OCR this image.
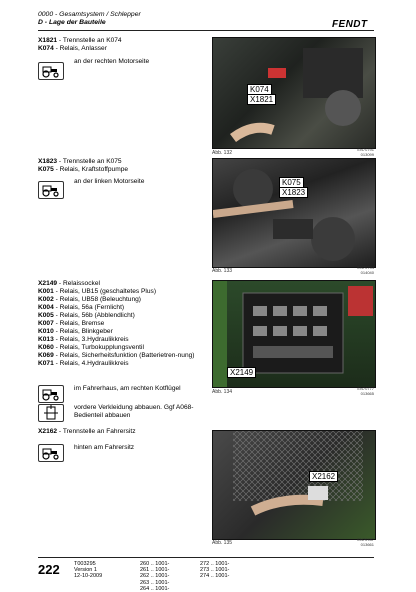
0000 - Gesamtsystem / Schlepper
D - Lage der Bauteile	FENDT
X1821 - Trennstelle an K074
K074 - Relais, Anlasser
an der rechten Motorseite
K074
X1821
Abb. 132
EN70791
013099
X1823 - Trennstelle an K075
K075 - Relais, Kraftstoffpumpe
an der linken Motorseite	K075
X1823
Abb. 133
EN70794
014040
X2149 - Relaissockel
K001 - Relais, UB15 (geschaltetes Plus)
K002 - Relais, UB58 (Beleuchtung)
K004 - Relais, 56a (Fernlicht)
K005 - Relais, 56b (Abblendlicht)
K007 - Relais, Bremse
K010 - Relais, Blinkgeber
K013 - Relais, 3.Hydraulikkreis
K060 - Relais, Turbokupplungsventil
K069 - Relais, Sicherheitsfunktion (Batterietren-nung)
K071 - Relais, 4.Hydraulikkreis
im Fahrerhaus, am rechten Kotflügel
vordere Verkleidung abbauen. Ggf A068-Bedienteil abbauen
X2149
Abb. 134
EN70777
013665
X2162 - Trennstelle an Fahrersitz
hinten am Fahrersitz
X2162
Abb. 135
EN70787
013661
222	T003295
Version 1
12-10-2009
260 .. 1001-
261 .. 1001-
262 .. 1001-
263 .. 1001-
264 .. 1001-
272 .. 1001-
273 .. 1001-
274 .. 1001-
